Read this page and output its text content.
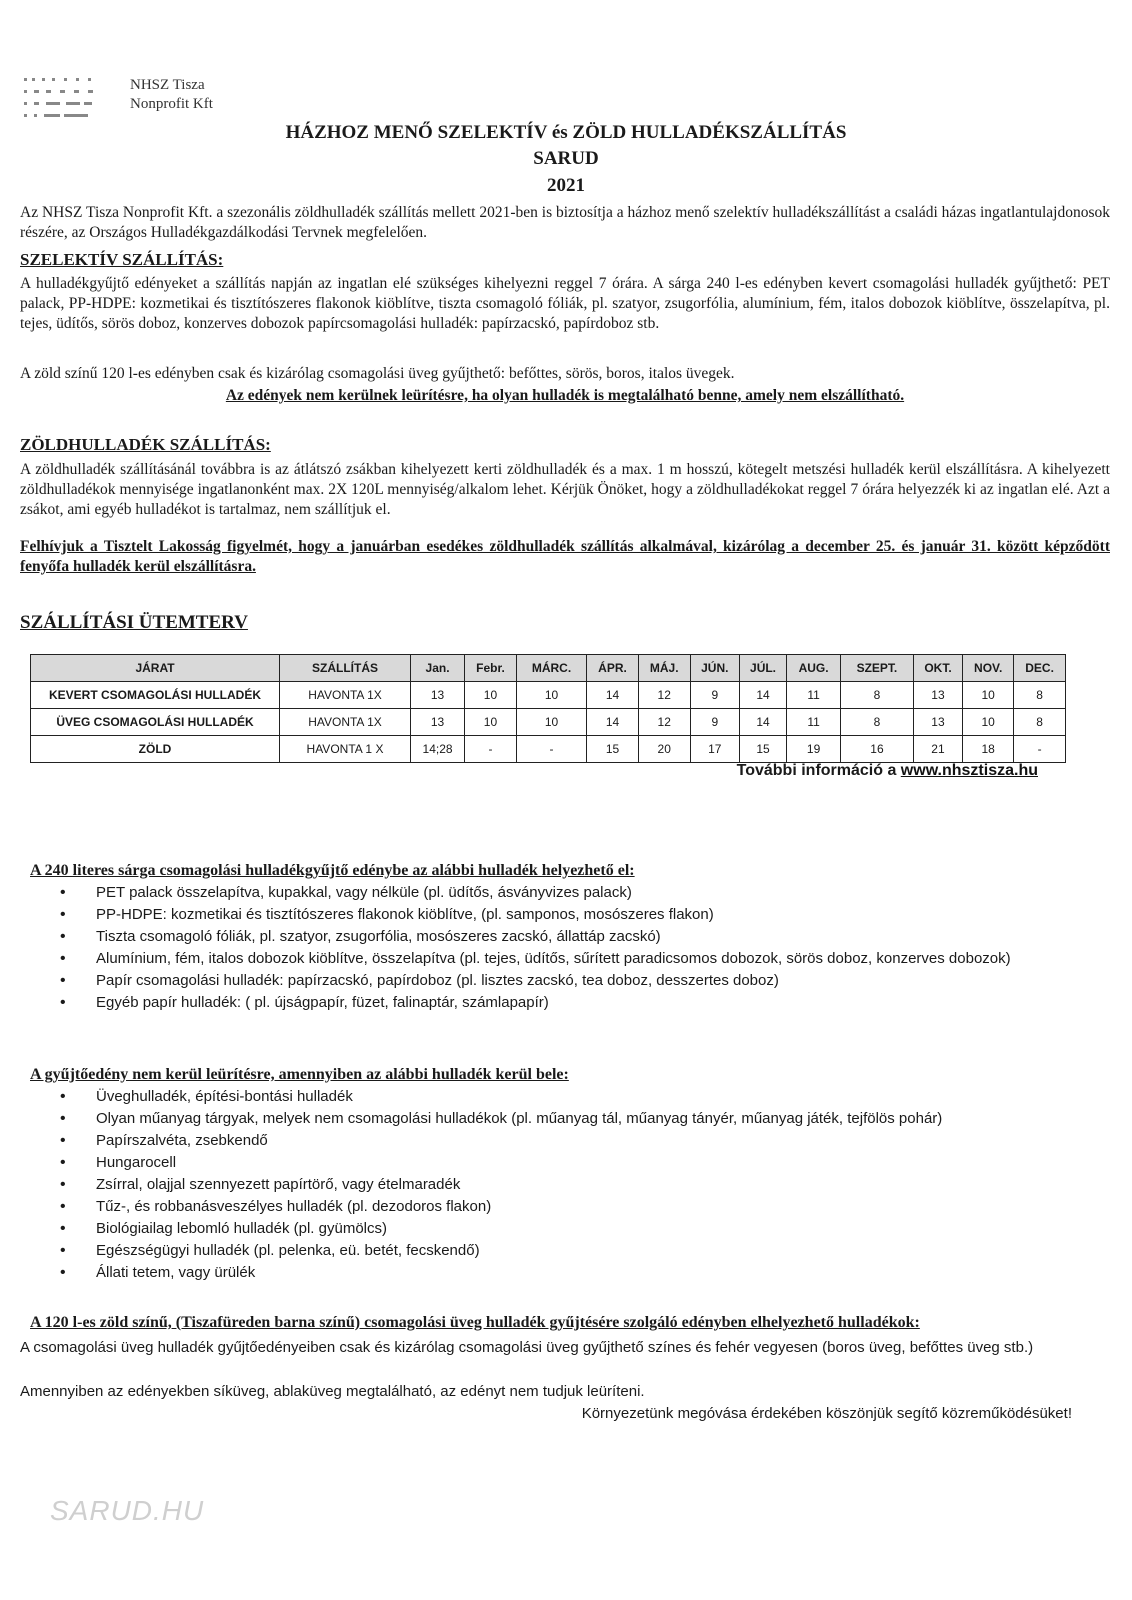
NHSZ Tisza
Nonprofit Kft
HÁZHOZ MENŐ SZELEKTÍV és ZÖLD HULLADÉKSZÁLLÍTÁS
SARUD
2021
Az NHSZ Tisza Nonprofit Kft. a szezonális zöldhulladék szállítás mellett 2021-ben is biztosítja a házhoz menő szelektív hulladékszállítást a családi házas ingatlantulajdonosok részére, az Országos Hulladékgazdálkodási Tervnek megfelelően.
SZELEKTÍV SZÁLLÍTÁS:
A hulladékgyűjtő edényeket a szállítás napján az ingatlan elé szükséges kihelyezni reggel 7 órára. A sárga 240 l-es edényben kevert csomagolási hulladék gyűjthető: PET palack, PP-HDPE: kozmetikai és tisztítószeres flakonok kiöblítve, tiszta csomagoló fóliák, pl. szatyor, zsugorfólia, alumínium, fém, italos dobozok kiöblítve, összelapítva, pl. tejes, üdítős, sörös doboz, konzerves dobozok papírcsomagolási hulladék: papírzacskó, papírdoboz stb.
A zöld színű 120 l-es edényben csak és kizárólag csomagolási üveg gyűjthető: befőttes, sörös, boros, italos üvegek.
Az edények nem kerülnek leürítésre, ha olyan hulladék is megtalálható benne, amely nem elszállítható.
ZÖLDHULLADÉK SZÁLLÍTÁS:
A zöldhulladék szállításánál továbbra is az átlátszó zsákban kihelyezett kerti zöldhulladék és a max. 1 m hosszú, kötegelt metszési hulladék kerül elszállításra. A kihelyezett zöldhulladékok mennyisége ingatlanonként max. 2X 120L mennyiség/alkalom lehet. Kérjük Önöket, hogy a zöldhulladékokat reggel 7 órára helyezzék ki az ingatlan elé. Azt a zsákot, ami egyéb hulladékot is tartalmaz, nem szállítjuk el.
Felhívjuk a Tisztelt Lakosság figyelmét, hogy a januárban esedékes zöldhulladék szállítás alkalmával, kizárólag a december 25. és január 31. között képződött fenyőfa hulladék kerül elszállításra.
SZÁLLÍTÁSI ÜTEMTERV
JÁRAT	SZÁLLÍTÁS	Jan.	Febr.	MÁRC.	ÁPR.	MÁJ.	JÚN.	JÚL.	AUG.	SZEPT.	OKT.	NOV.	DEC.
KEVERT CSOMAGOLÁSI HULLADÉK	HAVONTA 1X	13	10	10	14	12	9	14	11	8	13	10	8
ÜVEG CSOMAGOLÁSI HULLADÉK	HAVONTA 1X	13	10	10	14	12	9	14	11	8	13	10	8
ZÖLD	HAVONTA 1 X	14;28	-	-	15	20	17	15	19	16	21	18	-
További információ a www.nhsztisza.hu
A 240 literes sárga csomagolási hulladékgyűjtő edénybe az alábbi hulladék helyezhető el:
• PET palack összelapítva, kupakkal, vagy nélküle (pl. üdítős, ásványvizes palack)
• PP-HDPE: kozmetikai és tisztítószeres flakonok kiöblítve, (pl. samponos, mosószeres flakon)
• Tiszta csomagoló fóliák, pl. szatyor, zsugorfólia, mosószeres zacskó, állattáp zacskó)
• Alumínium, fém, italos dobozok kiöblítve, összelapítva (pl. tejes, üdítős, sűrített paradicsomos dobozok, sörös doboz, konzerves dobozok)
• Papír csomagolási hulladék: papírzacskó, papírdoboz (pl. lisztes zacskó, tea doboz, desszertes doboz)
• Egyéb papír hulladék: ( pl. újságpapír, füzet, falinaptár, számlapapír)
A gyűjtőedény nem kerül leürítésre, amennyiben az alábbi hulladék kerül bele:
• Üveghulladék, építési-bontási hulladék
• Olyan műanyag tárgyak, melyek nem csomagolási hulladékok (pl. műanyag tál, műanyag tányér, műanyag játék, tejfölös pohár)
• Papírszalvéta, zsebkendő
• Hungarocell
• Zsírral, olajjal szennyezett papírtörő, vagy ételmaradék
• Tűz-, és robbanásveszélyes hulladék (pl. dezodoros flakon)
• Biológiailag lebomló hulladék (pl. gyümölcs)
• Egészségügyi hulladék (pl. pelenka, eü. betét, fecskendő)
• Állati tetem, vagy ürülék
A 120 l-es zöld színű, (Tiszafüreden barna színű) csomagolási üveg hulladék gyűjtésére szolgáló edényben elhelyezhető hulladékok:
A csomagolási üveg hulladék gyűjtőedényeiben csak és kizárólag csomagolási üveg gyűjthető színes és fehér vegyesen (boros üveg, befőttes üveg stb.)
Amennyiben az edényekben síküveg, ablaküveg megtalálható, az edényt nem tudjuk leüríteni.
Környezetünk megóvása érdekében köszönjük segítő közreműködésüket!
SARUD.HU
